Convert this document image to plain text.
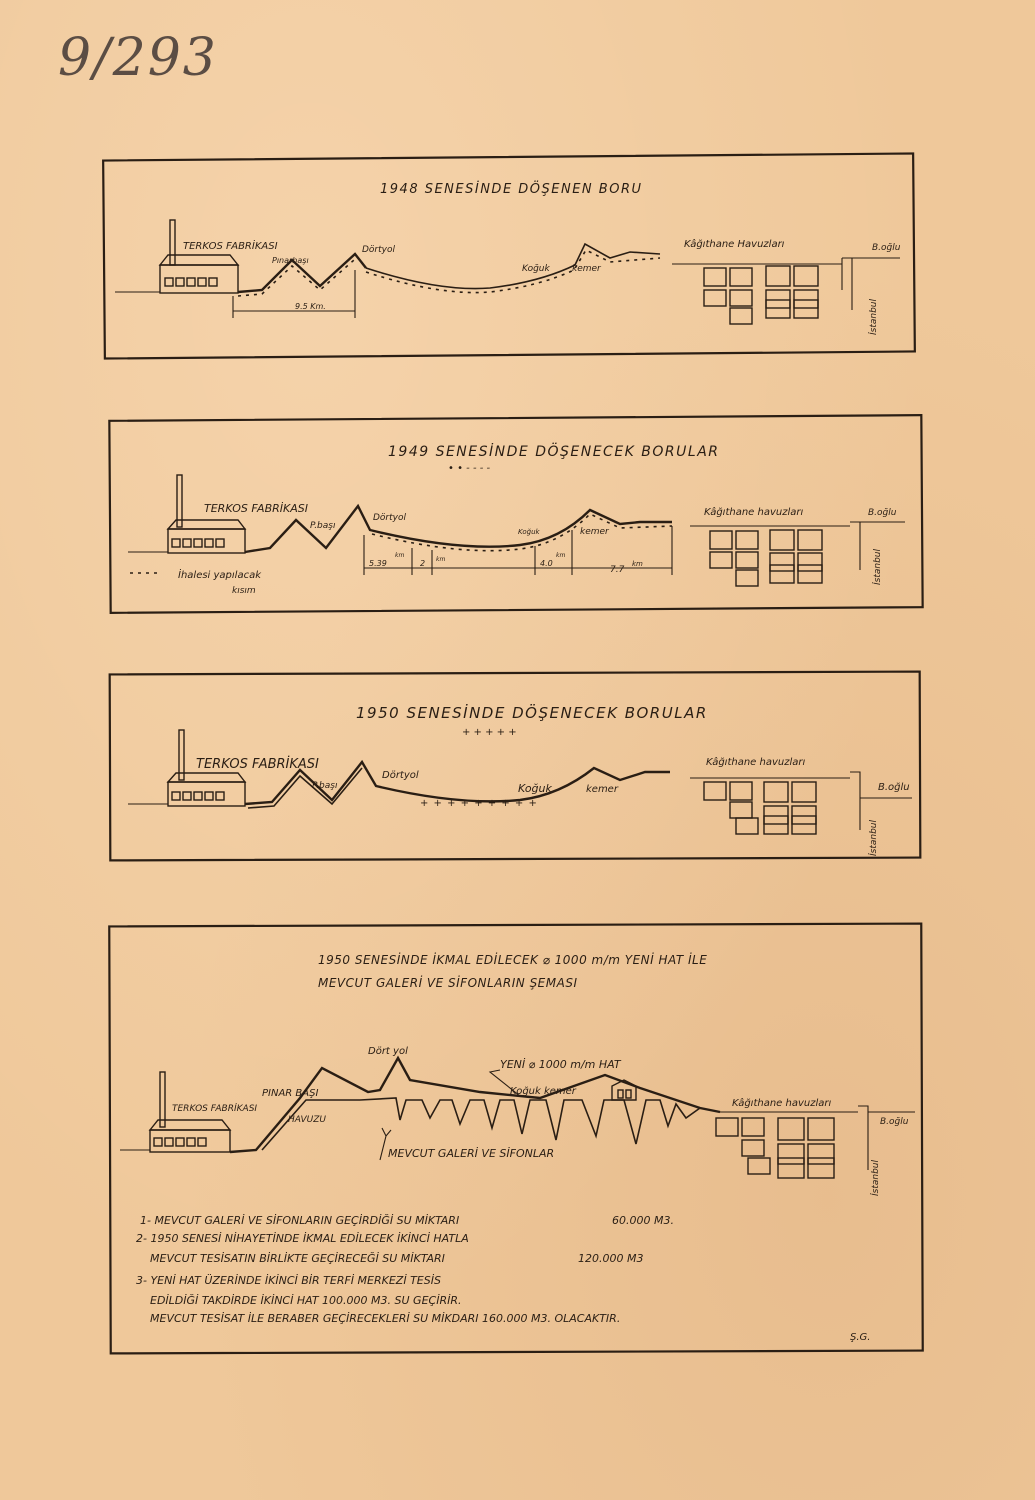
9/293
1948 SENESİNDE DÖŞENEN BORU
TERKOS FABRİKASI
Pınarbaşı
Dörtyol
Koğuk kemer
9.5 Km.
Kâğıthane Havuzları	B.oğlu
İstanbul
1949 SENESİNDE DÖŞENECEK BORULAR
• • - - - -
TERKOS FABRİKASI
P.başı
Dörtyol
Koğuk	kemer
5.39
km
2 km	4.0
km
7.7
km
İhalesi yapılacak
kısım
Kâğıthane havuzları	B.oğlu
İstanbul
1950 SENESİNDE DÖŞENECEK BORULAR
+ + + + +
TERKOS FABRİKASI
P.başı
Dörtyol
Koğuk	kemer
+ + + + + + + + +
Kâğıthane havuzları
B.oğlu
İstanbul
1950 SENESİNDE İKMAL EDİLECEK ⌀ 1000 m/m YENİ HAT İLE
MEVCUT GALERİ VE SİFONLARIN ŞEMASI
TERKOS FABRİKASI
PINAR BAŞI
HAVUZU
Dört yol
YENİ ⌀ 1000 m/m HAT
Koğuk kemer
MEVCUT GALERİ VE SİFONLAR
Kâğıthane havuzları
B.oğlu
İstanbul
1- MEVCUT GALERİ VE SİFONLARIN GEÇİRDİĞİ SU MİKTARI	60.000 M3.
2- 1950 SENESİ NİHAYETİNDE İKMAL EDİLECEK İKİNCİ HATLA
MEVCUT TESİSATIN BİRLİKTE GEÇİRECEĞİ SU MİKTARI	120.000 M3
3- YENİ HAT ÜZERİNDE İKİNCİ BİR TERFİ MERKEZİ TESİS
EDİLDİĞİ TAKDİRDE İKİNCİ HAT 100.000 M3. SU GEÇİRİR.
MEVCUT TESİSAT İLE BERABER GEÇİRECEKLERİ SU MİKDARI 160.000 M3. OLACAKTIR.
Ş.G.
